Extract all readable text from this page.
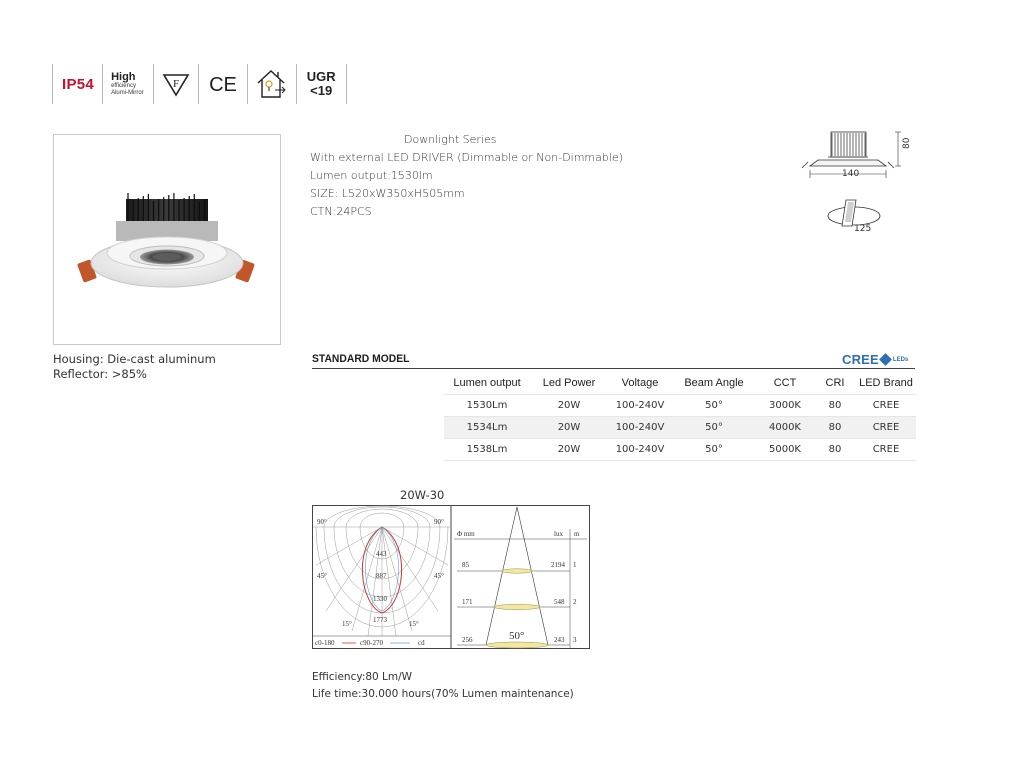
IP54	High
efficiency
Alumi-Mirror
F CE	UGR
<19
Downlight Series
With external LED DRIVER (Dimmable or Non-Dimmable)
Lumen output:1530lm
SIZE: L520xW350xH505mm
CTN:24PCS
80
140
125
Housing: Die-cast aluminum
Reflector: >85%
STANDARD MODEL	CREE LEDs
Lumen output	Led Power	Voltage	Beam Angle	CCT	CRI	LED Brand
1530Lm	20W	100-240V	50°	3000K	80	CREE
1534Lm	20W	100-240V	50°	4000K	80	CREE
1538Lm	20W	100-240V	50°	5000K	80	CREE
20W-30
90°	90°
45°	45°
15°	15°
443
887
1330
1773
c0-180	c90-270	cd
Φ mm	lux m
85
171
256
2194
548
243
1
2
3
50°
Efficiency:80 Lm/W
Life time:30.000 hours(70% Lumen maintenance)
